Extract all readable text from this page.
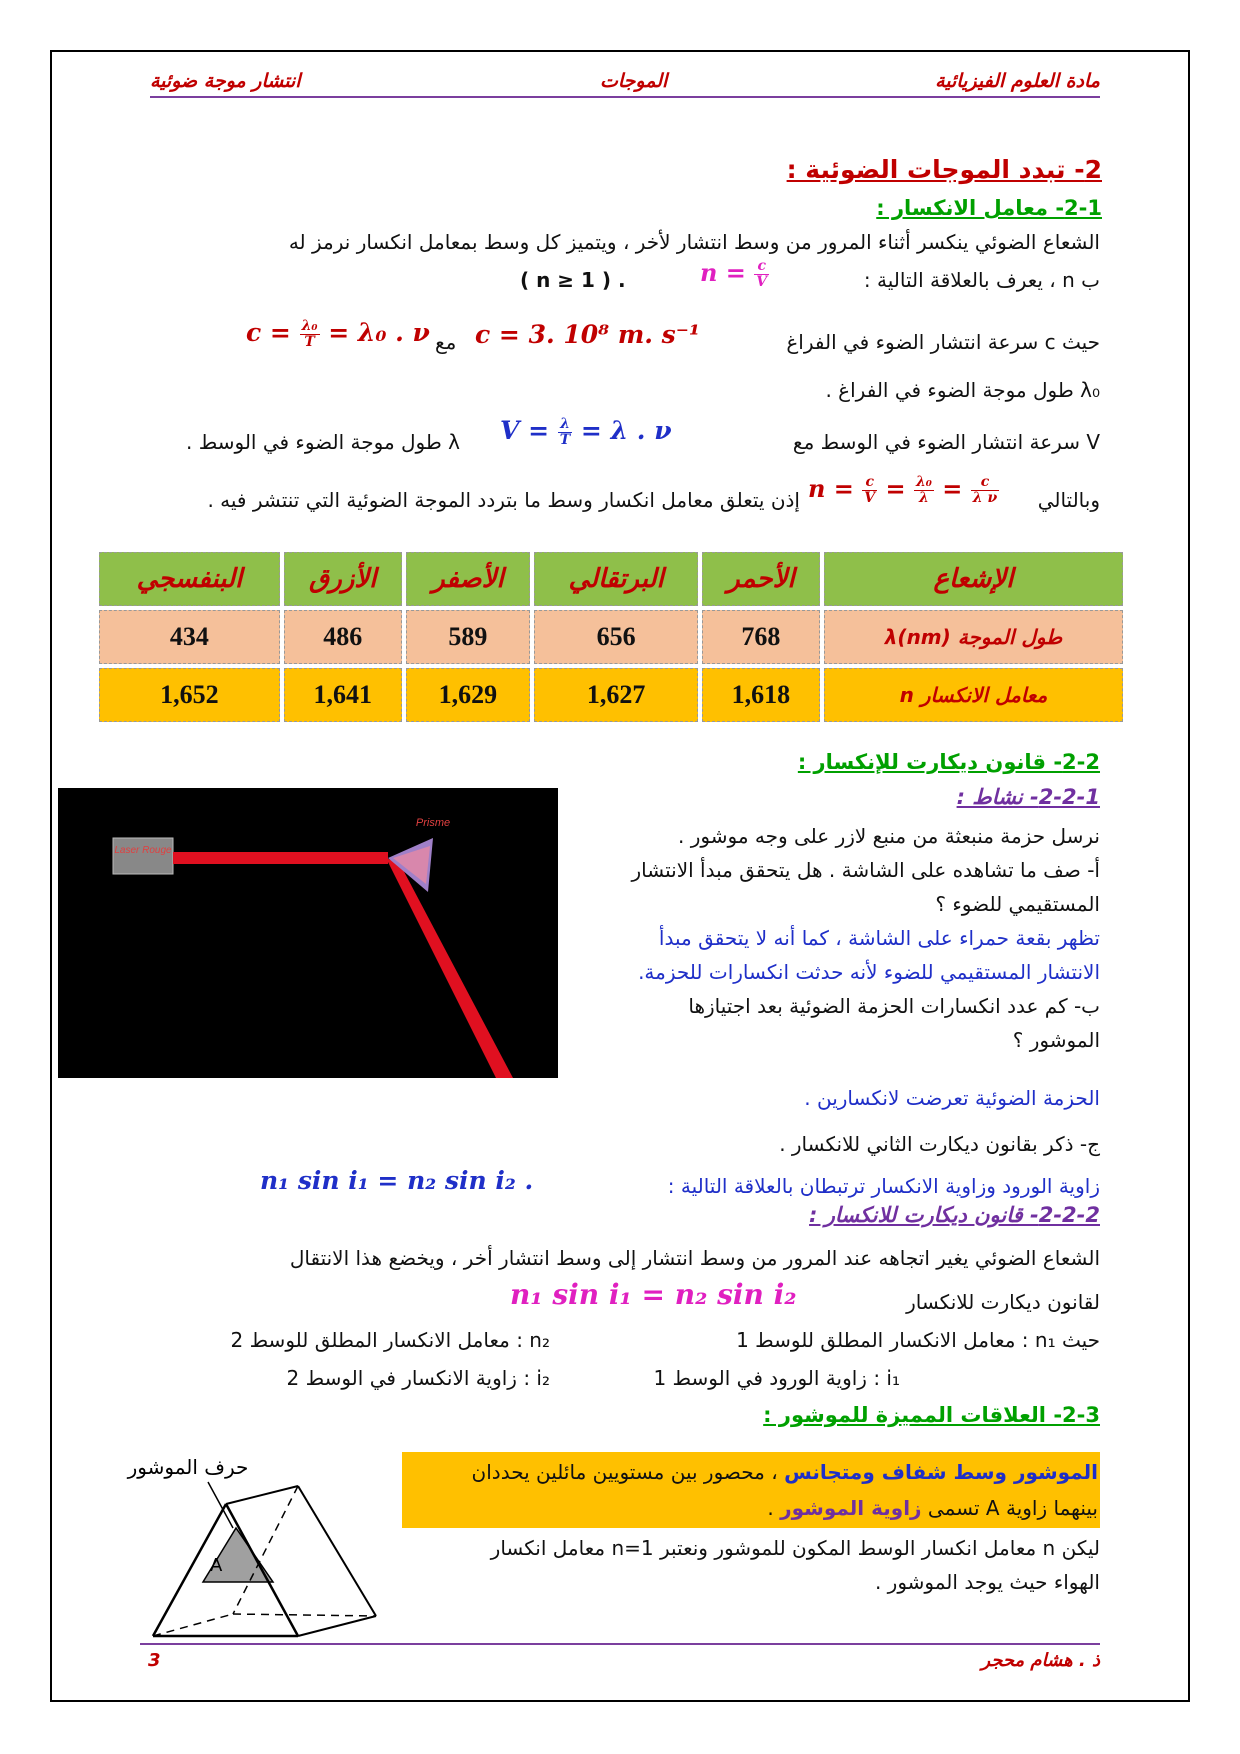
مادة العلوم الفيزيائية
الموجات
انتشار موجة ضوئية
2- تبدد الموجات الضوئية :
2-1- معامل الانكسار :
الشعاع الضوئي ينكسر أثناء المرور من وسط انتشار لأخر ، ويتميز كل وسط بمعامل انكسار نرمز له
ب n ، يعرف بالعلاقة التالية :
$n = \frac{c}{V}$
( n ≥ 1 ) .
حيث c سرعة انتشار الضوء في الفراغ
$c = \frac{\text{λ₀}}{T} = \lambda_0$ . ν مع c = 3. 10⁸ m. s⁻¹
λ₀ طول موجة الضوء في الفراغ .
V سرعة انتشار الضوء في الوسط مع
$V = \frac{\lambda}{T} = \lambda$ . ν
λ طول موجة الضوء في الوسط .
وبالتالي
$n = \frac{c}{V} = \frac{\text{λ₀}}{\lambda} = \frac{c}{\text{λ ν}}$
إذن يتعلق معامل انكسار وسط ما بتردد الموجة الضوئية التي تنتشر فيه .
الإشعاع	الأحمر	البرتقالي	الأصفر	الأزرق	البنفسجي
طول الموجة λ(nm)	768	656	589	486	434
معامل الانكسار n	1,618	1,627	1,629	1,641	1,652
2-2- قانون ديكارت للإنكسار :
2-2-1- نشاط :
Laser Rouge
Prisme
نرسل حزمة منبعثة من منبع لازر على وجه موشور .
أ- صف ما تشاهده على الشاشة . هل يتحقق مبدأ الانتشار
المستقيمي للضوء ؟
تظهر بقعة حمراء على الشاشة ، كما أنه لا يتحقق مبدأ
الانتشار المستقيمي للضوء لأنه حدثت انكسارات للحزمة.
ب- كم عدد انكسارات الحزمة الضوئية بعد اجتيازها
الموشور ؟
الحزمة الضوئية تعرضت لانكسارين .
ج- ذكر بقانون ديكارت الثاني للانكسار .
زاوية الورود وزاوية الانكسار ترتبطان بالعلاقة التالية :
n₁ sin i₁ = n₂ sin i₂ .
2-2-2- قانون ديكارت للانكسار :
الشعاع الضوئي يغير اتجاهه عند المرور من وسط انتشار إلى وسط انتشار أخر ، ويخضع هذا الانتقال
لقانون ديكارت للانكسار
n₁ sin i₁ = n₂ sin i₂
حيث n₁ : معامل الانكسار المطلق للوسط 1
n₂ : معامل الانكسار المطلق للوسط 2
i₁ : زاوية الورود في الوسط 1
i₂ : زاوية الانكسار في الوسط 2
2-3- العلاقات المميزة للموشور :
الموشور وسط شفاف ومتجانس ، محصور بين مستويين مائلين يحددان
بينهما زاوية A تسمى زاوية الموشور .
ليكن n معامل انكسار الوسط المكون للموشور ونعتبر n=1 معامل انكسار
الهواء حيث يوجد الموشور .
حرف الموشور
A
ذ . هشام محجر
3
